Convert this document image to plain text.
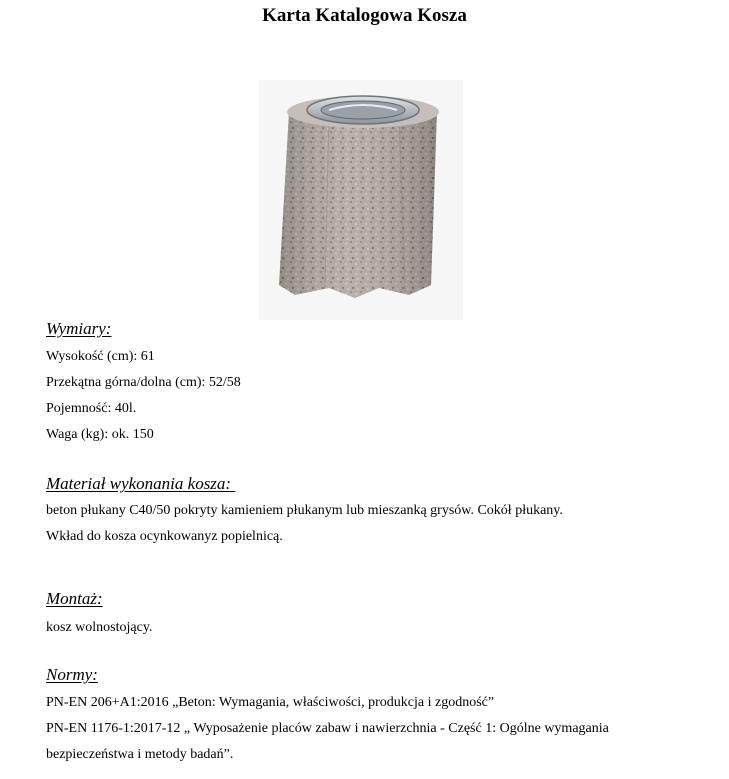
Karta Katalogowa Kosza
Wymiary:
Wysokość (cm): 61
Przekątna górna/dolna (cm): 52/58
Pojemność: 40l.
Waga (kg): ok. 150
Materiał wykonania kosza:
beton płukany C40/50 pokryty kamieniem płukanym lub mieszanką grysów. Cokół płukany.
Wkład do kosza ocynkowanyz popielnicą.
Montaż:
kosz wolnostojący.
Normy:
PN-EN 206+A1:2016 „Beton: Wymagania, właściwości, produkcja i zgodność”
PN-EN 1176-1:2017-12 „ Wyposażenie placów zabaw i nawierzchnia - Część 1: Ogólne wymagania
bezpieczeństwa i metody badań”.
